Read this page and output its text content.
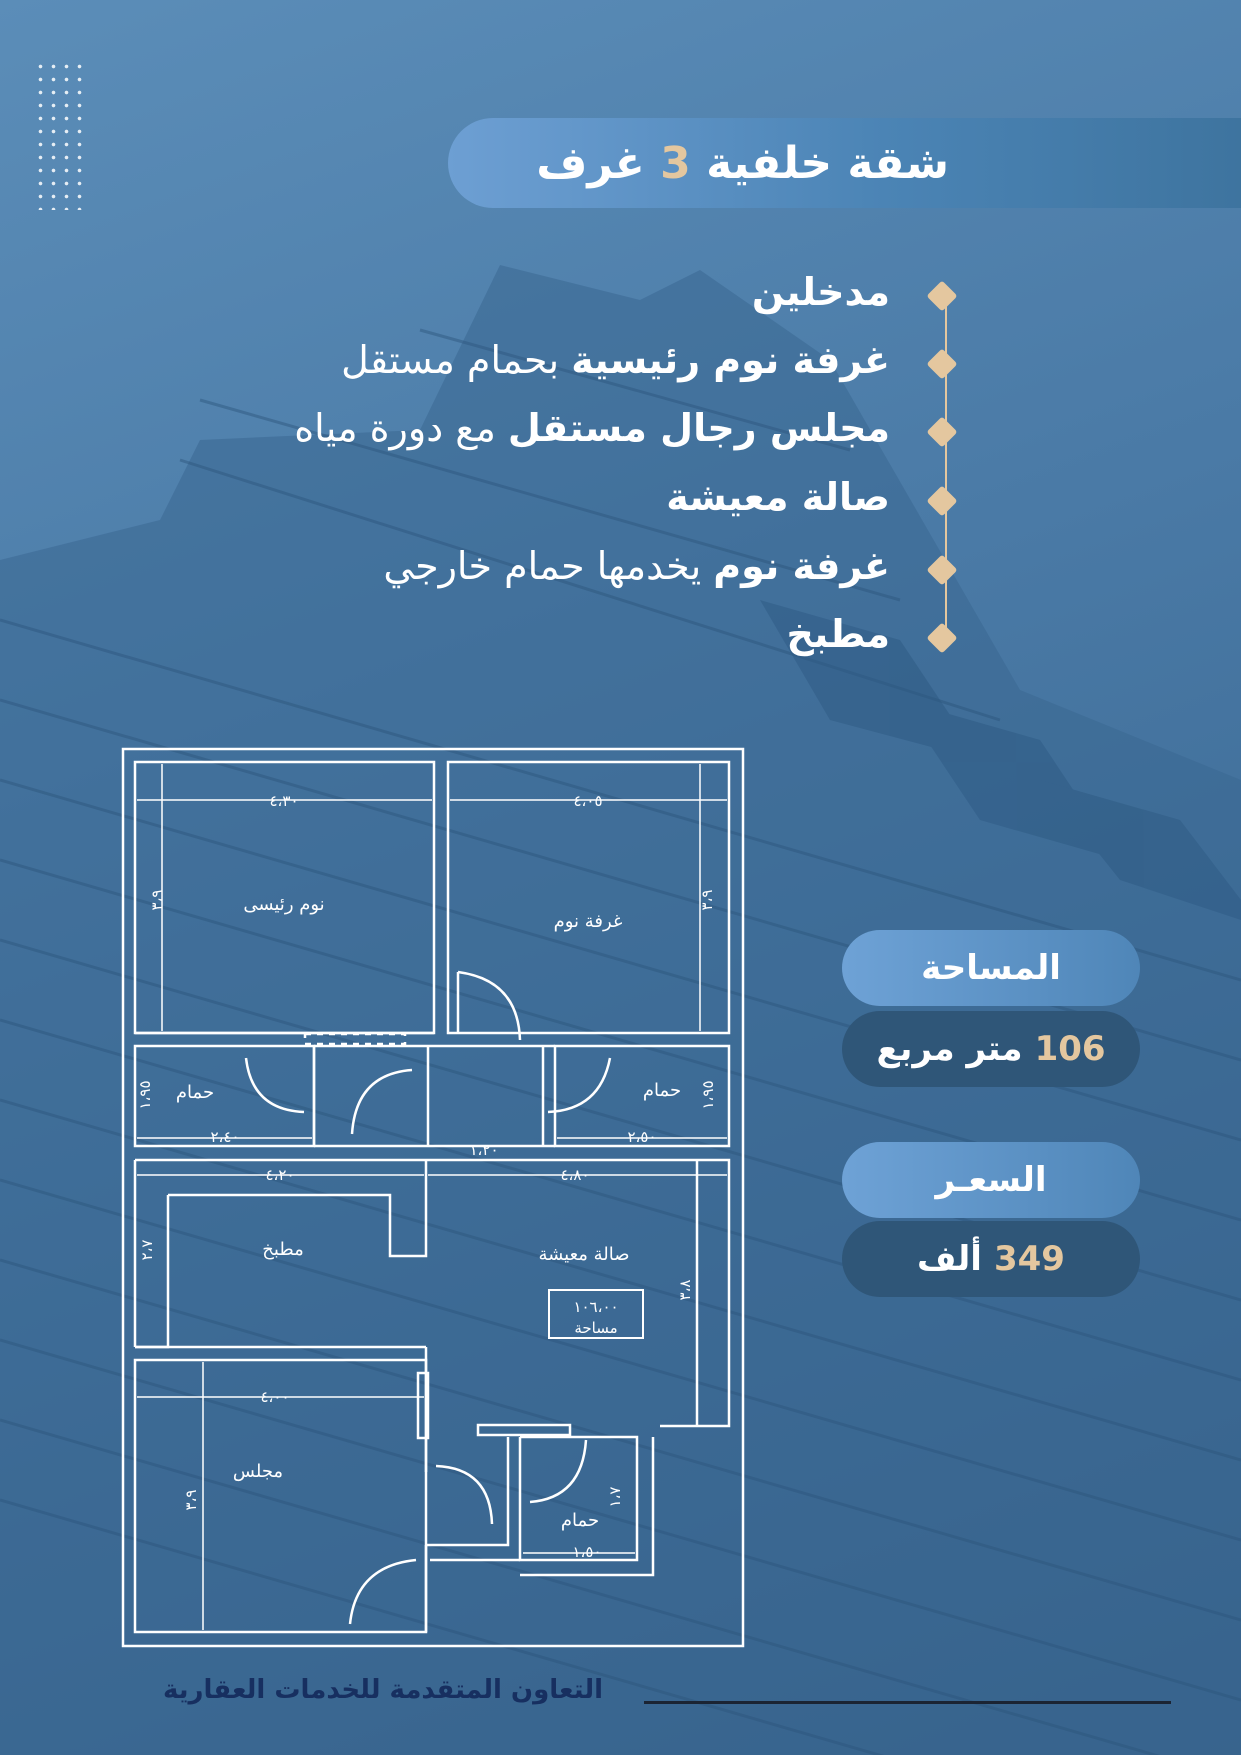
شقة خلفية 3 غرف
مدخلين
غرفة نوم رئيسية بحمام مستقل
مجلس رجال مستقل مع دورة مياه
صالة معيشة
غرفة نوم يخدمها حمام خارجي
مطبخ
نوم رئيسى
غرفة نوم
حمام	حمام
مطبخ	صالة معيشة
١٠٦،٠٠
مساحة
مجلس
حمام
٤،٣٠	٤،٠٥
٣،٩	٣،٩
١،٩٥	١،٩٥
٢،٤٠	٢،٥٠
١،٢٠
٤،٢٠	٤،٨٠
٢،٧
٣،٨
٤،٠٠
٣،٩	١،٧
١،٥٠
المساحة
106
متر مربع
السعـر
349
ألف
التعاون المتقدمة للخدمات العقارية
